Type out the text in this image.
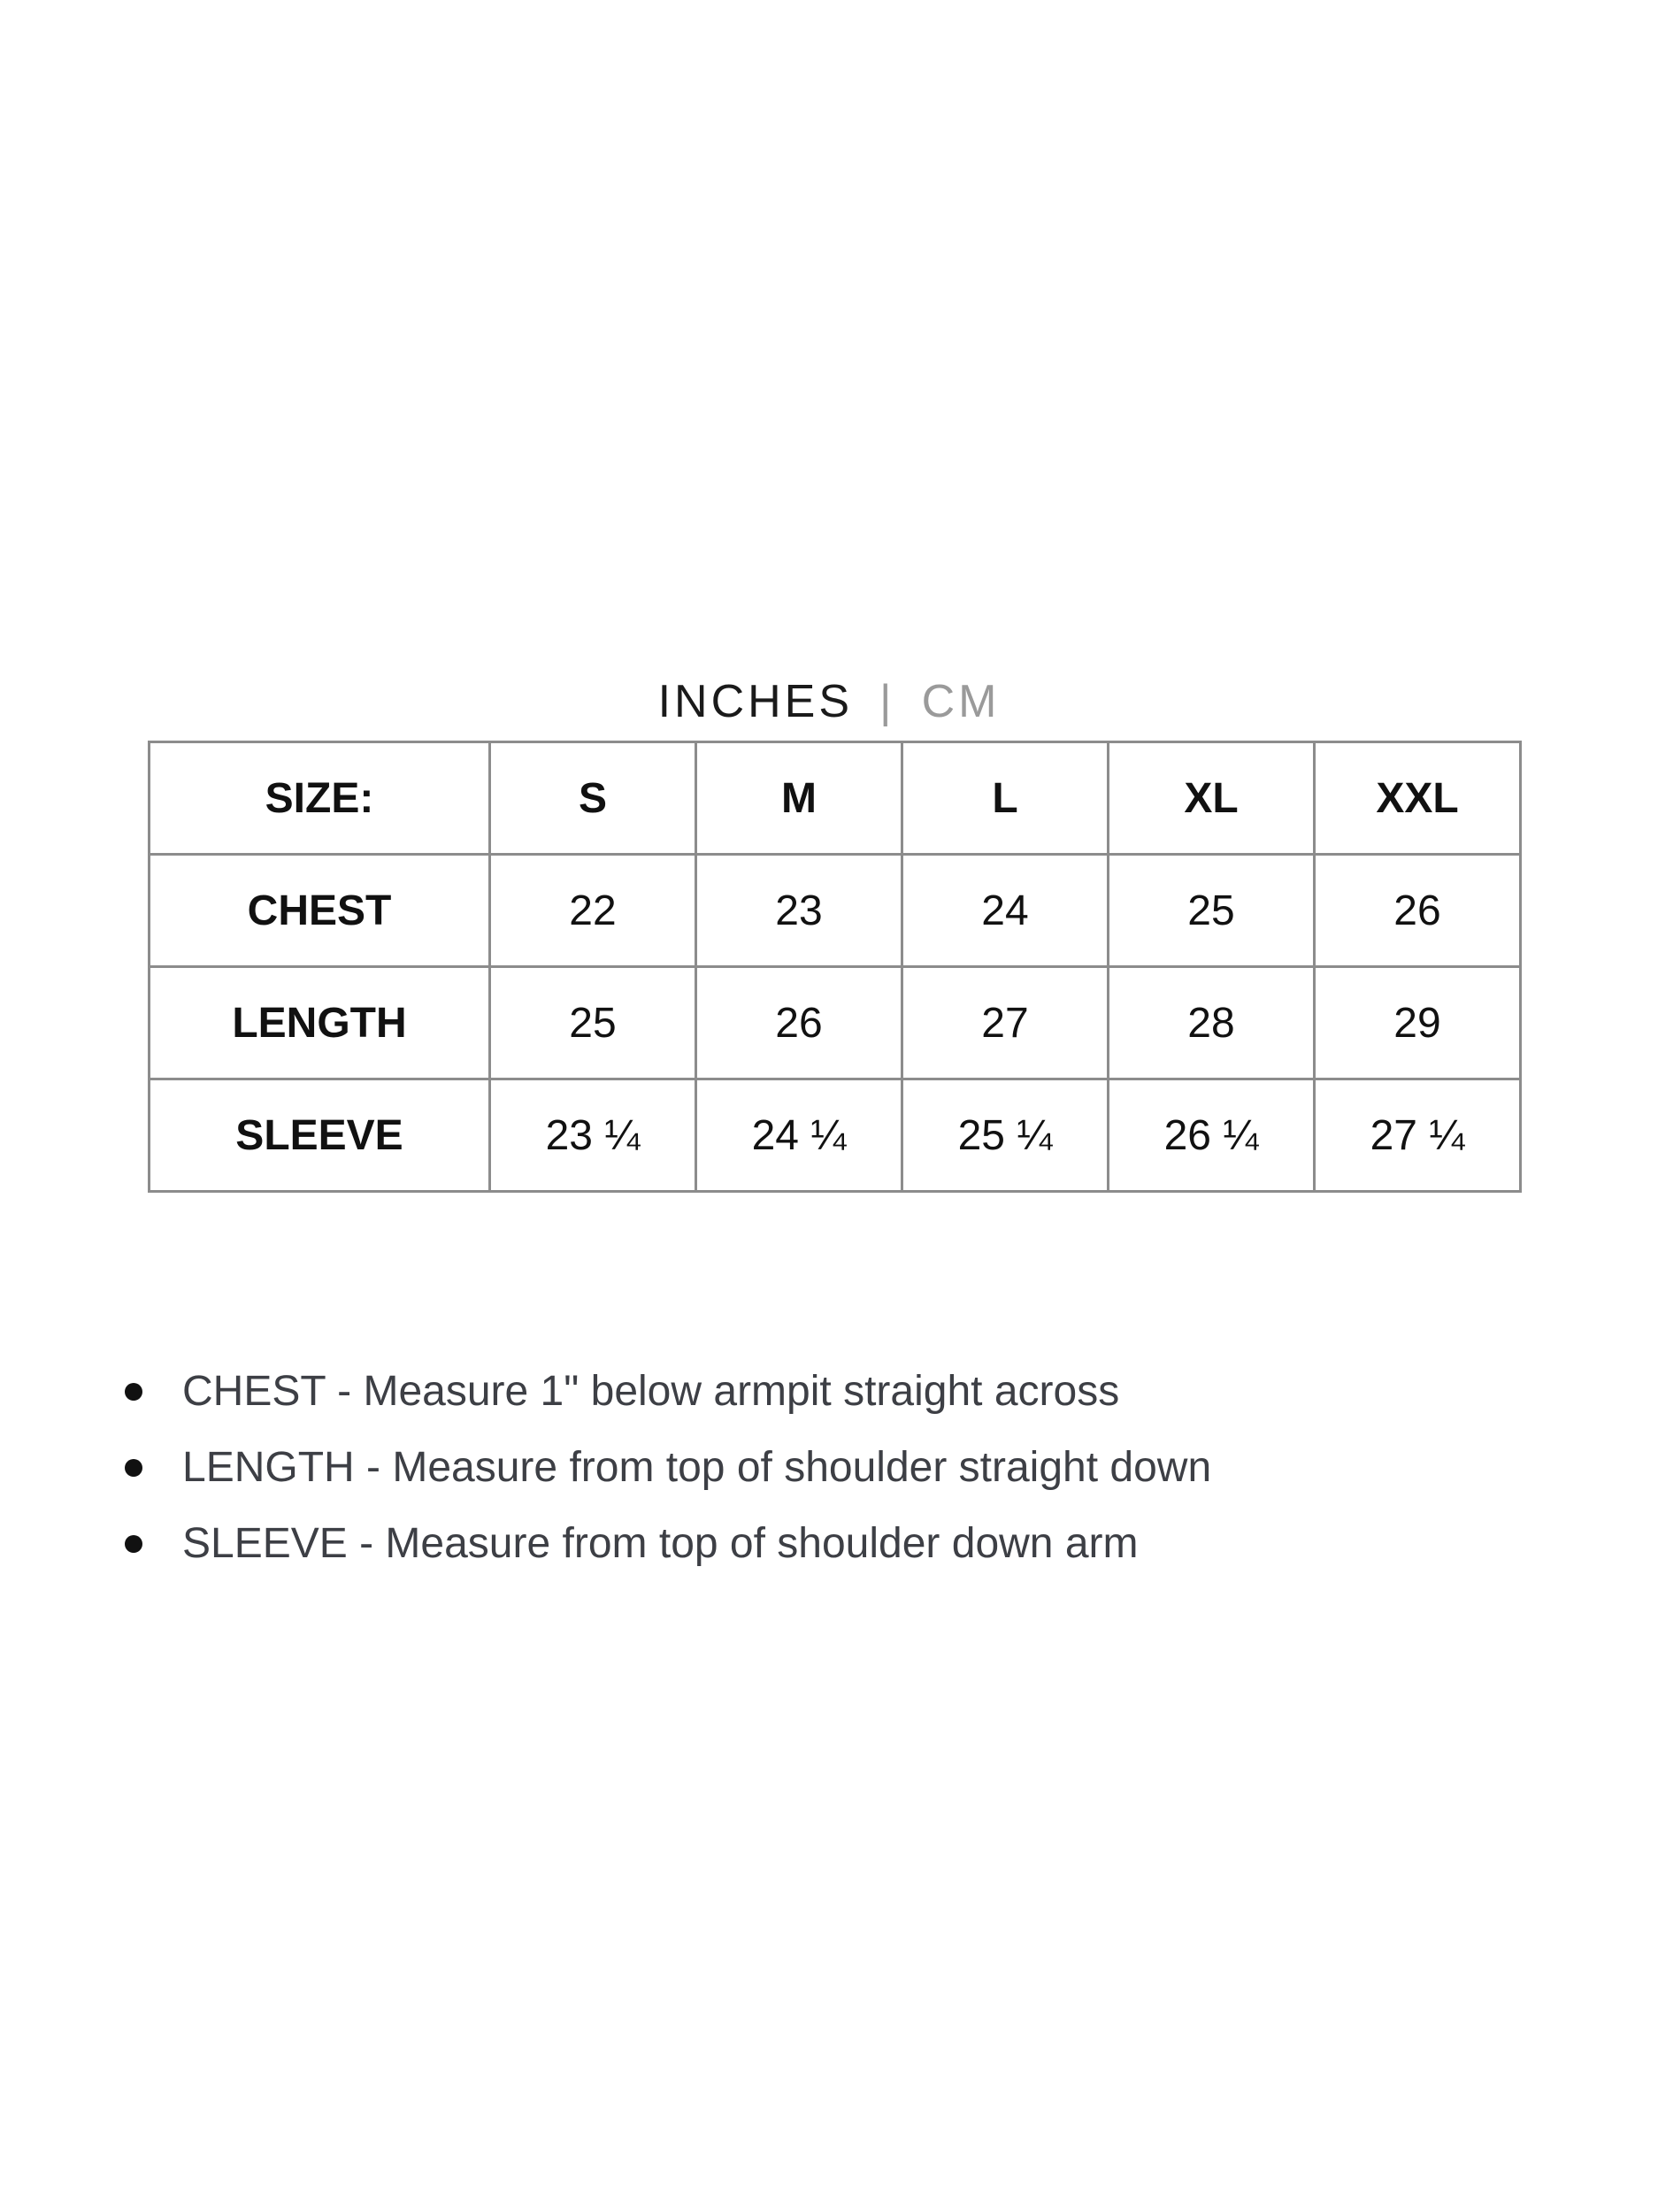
INCHES | CM
SIZE:	S	M	L	XL	XXL
CHEST	22	23	24	25	26
LENGTH	25	26	27	28	29
SLEEVE	23 ¼	24 ¼	25 ¼	26 ¼	27 ¼
CHEST - Measure 1" below armpit straight across
LENGTH - Measure from top of shoulder straight down
SLEEVE - Measure from top of shoulder down arm
